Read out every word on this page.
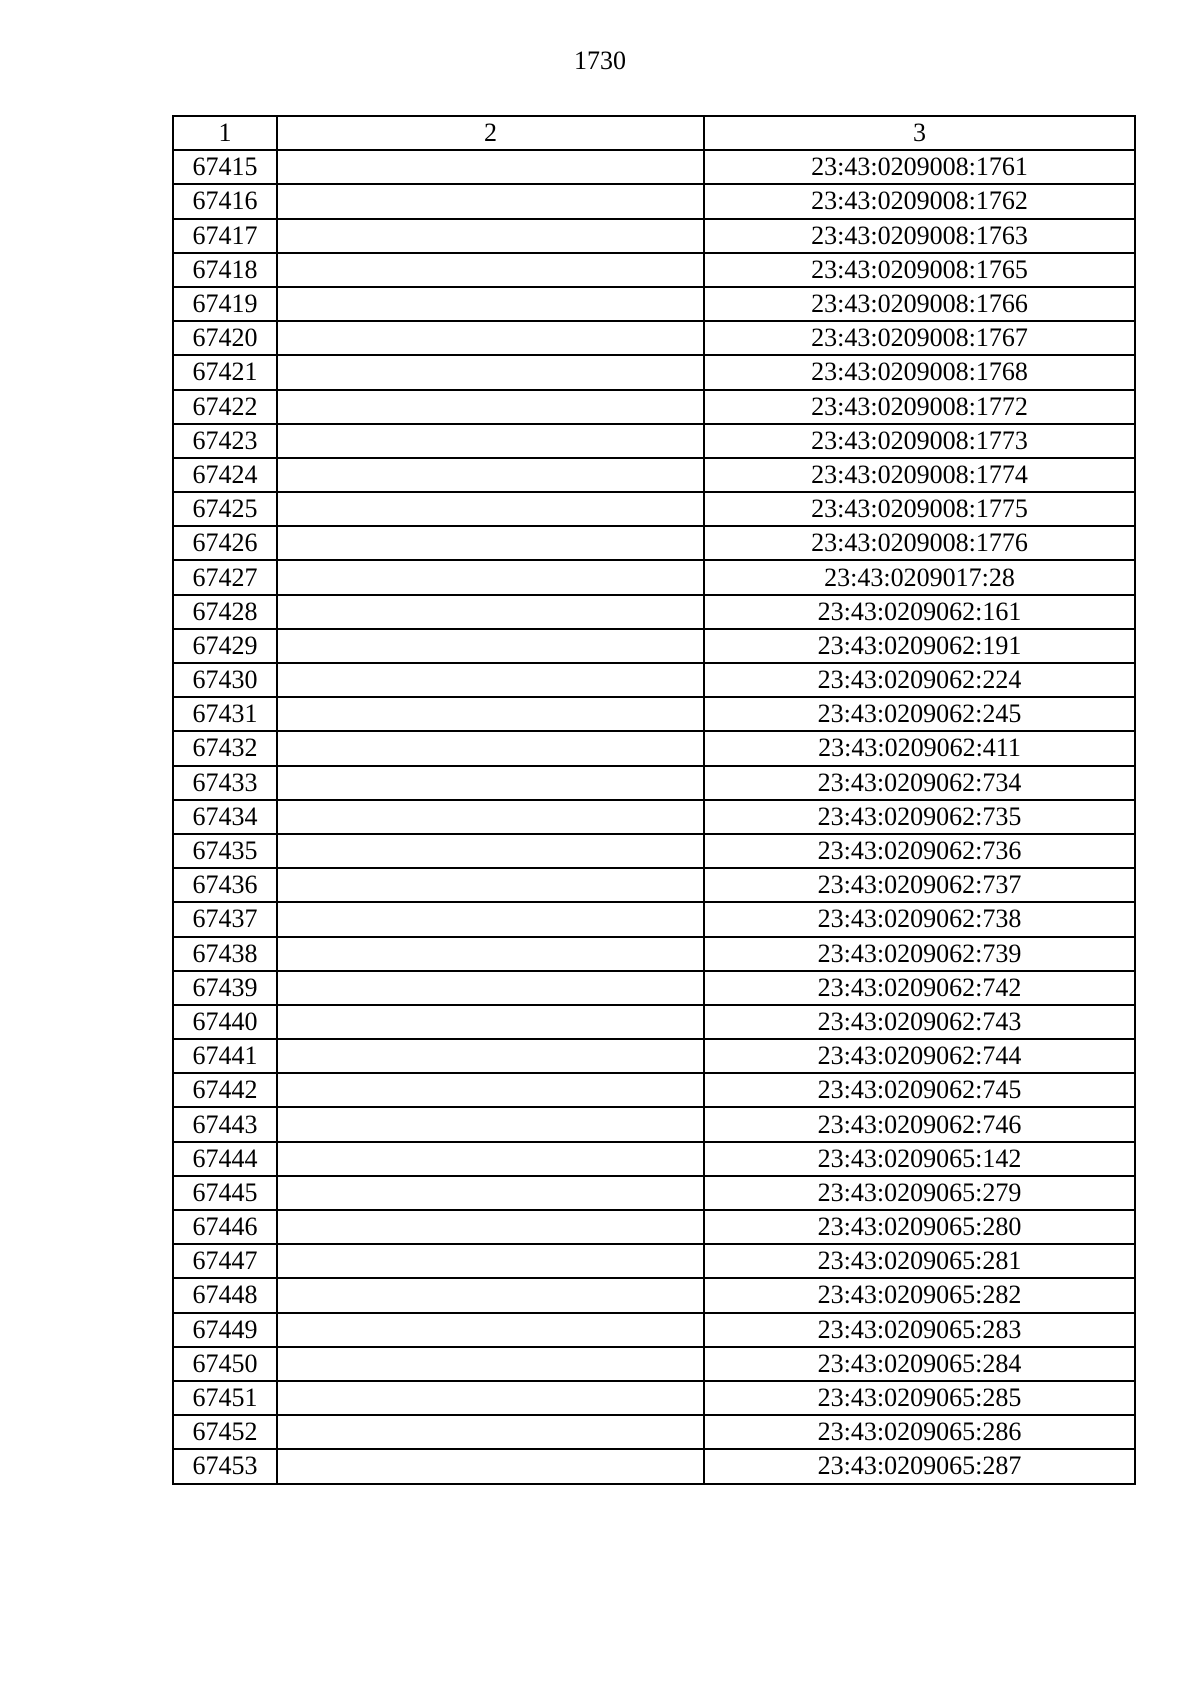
1730
1	2	3
67415		23:43:0209008:1761
67416		23:43:0209008:1762
67417		23:43:0209008:1763
67418		23:43:0209008:1765
67419		23:43:0209008:1766
67420		23:43:0209008:1767
67421		23:43:0209008:1768
67422		23:43:0209008:1772
67423		23:43:0209008:1773
67424		23:43:0209008:1774
67425		23:43:0209008:1775
67426		23:43:0209008:1776
67427		23:43:0209017:28
67428		23:43:0209062:161
67429		23:43:0209062:191
67430		23:43:0209062:224
67431		23:43:0209062:245
67432		23:43:0209062:411
67433		23:43:0209062:734
67434		23:43:0209062:735
67435		23:43:0209062:736
67436		23:43:0209062:737
67437		23:43:0209062:738
67438		23:43:0209062:739
67439		23:43:0209062:742
67440		23:43:0209062:743
67441		23:43:0209062:744
67442		23:43:0209062:745
67443		23:43:0209062:746
67444		23:43:0209065:142
67445		23:43:0209065:279
67446		23:43:0209065:280
67447		23:43:0209065:281
67448		23:43:0209065:282
67449		23:43:0209065:283
67450		23:43:0209065:284
67451		23:43:0209065:285
67452		23:43:0209065:286
67453		23:43:0209065:287
